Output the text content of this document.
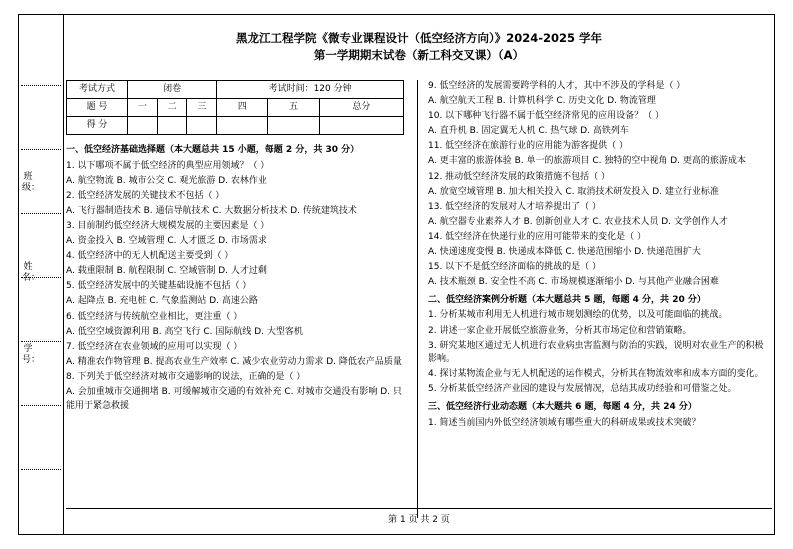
班级：
姓名：
学号：
黑龙江工程学院《微专业课程设计（低空经济方向）》2024-2025 学年
第一学期期末试卷（新工科交叉课）（A）
考试方式	闭卷			考试时间：120 分钟		
题 号	一	二	三	四	五	总分
得 分						
一、低空经济基础选择题（本大题总共 15 小题，每题 2 分，共 30 分）
1. 以下哪项不属于低空经济的典型应用领域？（ ）
A. 航空物流 B. 城市公交 C. 观光旅游 D. 农林作业
2. 低空经济发展的关键技术不包括（ ）
A. 飞行器制造技术 B. 通信导航技术 C. 大数据分析技术 D. 传统建筑技术
3. 目前制约低空经济大规模发展的主要因素是（ ）
A. 资金投入 B. 空域管理 C. 人才匮乏 D. 市场需求
4. 低空经济中的无人机配送主要受到（ ）
A. 载重限制 B. 航程限制 C. 空域管制 D. 人才过剩
5. 低空经济发展中的关键基础设施不包括（ ）
A. 起降点 B. 充电桩 C. 气象监测站 D. 高速公路
6. 低空经济与传统航空业相比，更注重（ ）
A. 低空空域资源利用 B. 高空飞行 C. 国际航线 D. 大型客机
7. 低空经济在农业领域的应用可以实现（ ）
A. 精准农作物管理 B. 提高农业生产效率 C. 减少农业劳动力需求 D. 降低农产品质量
8. 下列关于低空经济对城市交通影响的说法，正确的是（ ）
A. 会加重城市交通拥堵 B. 可缓解城市交通的有效补充 C. 对城市交通没有影响 D. 只能用于紧急救援
9. 低空经济的发展需要跨学科的人才，其中不涉及的学科是（ ）
A. 航空航天工程 B. 计算机科学 C. 历史文化 D. 物流管理
10. 以下哪种飞行器不属于低空经济常见的应用设备？（ ）
A. 直升机 B. 固定翼无人机 C. 热气球 D. 高铁列车
11. 低空经济在旅游行业的应用能为游客提供（ ）
A. 更丰富的旅游体验 B. 单一的旅游项目 C. 独特的空中视角 D. 更高的旅游成本
12. 推动低空经济发展的政策措施不包括（ ）
A. 放宽空域管理 B. 加大相关投入 C. 取消技术研发投入 D. 建立行业标准
13. 低空经济的发展对人才培养提出了（ ）
A. 航空器专业素养人才 B. 创新创业人才 C. 农业技术人员 D. 文学创作人才
14. 低空经济在快递行业的应用可能带来的变化是（ ）
A. 快递速度变慢 B. 快递成本降低 C. 快递范围缩小 D. 快递范围扩大
15. 以下不是低空经济面临的挑战的是（ ）
A. 技术瓶颈 B. 安全性不高 C. 市场规模逐渐缩小 D. 与其他产业融合困难
二、低空经济案例分析题（本大题总共 5 题，每题 4 分，共 20 分）
1. 分析某城市利用无人机进行城市规划测绘的优势，以及可能面临的挑战。
2. 讲述一家企业开展低空旅游业务，分析其市场定位和营销策略。
3. 研究某地区通过无人机进行农业病虫害监测与防治的实践，说明对农业生产的积极影响。
4. 探讨某物流企业与无人机配送的运作模式，分析其在物流效率和成本方面的变化。
5. 分析某低空经济产业园的建设与发展情况，总结其成功经验和可借鉴之处。
三、低空经济行业动态题（本大题共 6 题，每题 4 分，共 24 分）
1. 简述当前国内外低空经济领域有哪些重大的科研成果或技术突破？
第 1 页 共 2 页
